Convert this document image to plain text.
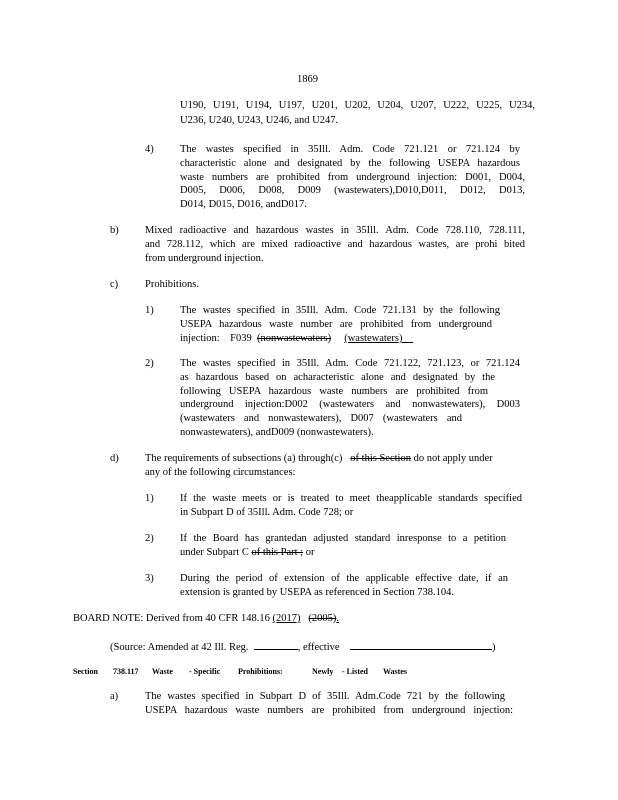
1869
U190, U191, U194, U197, U201, U202, U204, U207, U222, U225, U234,
U236, U240, U243, U246, and U247.
4)	The wastes specified in 35Ill. Adm. Code 721.121 or 721.124 by
characteristic alone and designated by the following USEPA hazardous
waste numbers are prohibited from underground injection: D001, D004,
D005, D006, D008, D009 (wastewaters),D010,D011, D012, D013,
D014, D015, D016, andD017.
b)	Mixed radioactive and hazardous wastes in 35Ill. Adm. Code 728.110, 728.111,
and 728.112, which are mixed radioactive and hazardous wastes, are prohi bited
from underground injection.
c)	Prohibitions.
1)	The wastes specified in 35Ill. Adm. Code 721.131 by the following
USEPA hazardous waste number are prohibited from underground
injection: F039 (nonwastewaters) (wastewaters)
2)	The wastes specified in 35Ill. Adm. Code 721.122, 721.123, or 721.124
as hazardous based on acharacteristic alone and designated by the
following USEPA hazardous waste numbers are prohibited from
underground injection:D002 (wastewaters and nonwastewaters), D003
(wastewaters and nonwastewaters), D007 (wastewaters and
nonwastewaters), andD009 (nonwastewaters).
d)	The requirements of subsections (a) through(c) of this Section do not apply under
any of the following circumstances:
1)	If the waste meets or is treated to meet theapplicable standards specified
in Subpart D of 35Ill. Adm. Code 728; or
2)	If the Board has grantedan adjusted standard inresponse to a petition
under Subpart C of this Part ; or
3)	During the period of extension of the applicable effective date, if an
extension is granted by USEPA as referenced in Section 738.104.
BOARD NOTE: Derived from 40 CFR 148.16 (2017) (2005).
(Source: Amended at 42 Ill. Reg.	, effective	)
Section 738.117 Waste - Specific Prohibitions:	Newly - Listed Wastes
a)	The wastes specified in Subpart D of 35Ill. Adm.Code 721 by the following
USEPA hazardous waste numbers are prohibited from underground injection:
